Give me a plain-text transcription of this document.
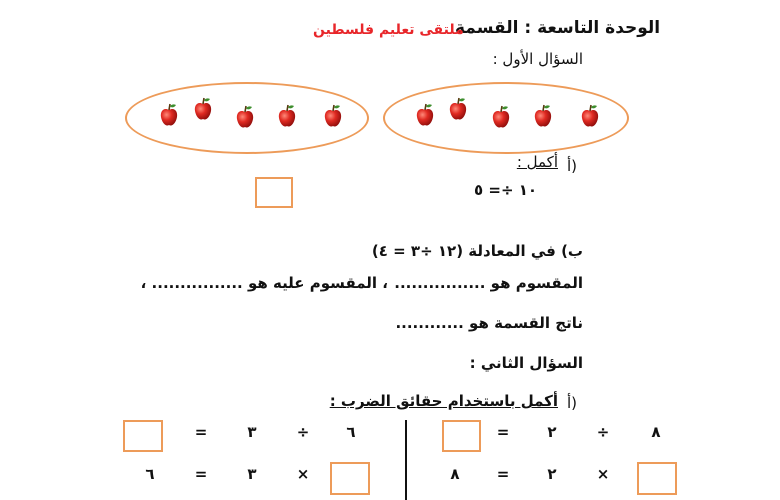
الوحدة التاسعة : القسمة
ملتقى تعليم فلسطين
السؤال الأول :
أ)
أكمل :
١٠ ÷= ٥
ب) في المعادلة (١٢ ÷٣ = ٤)
المقسوم هو ................
، المقسوم عليه هو ................ ،
ناتج القسمة هو ............
السؤال الثاني :
أ)
أكمل باستخدام حقائق الضرب :
٨
÷
٢
=
×
٢
=
٨
٦
÷
٣
=
×
٣
=
٦
